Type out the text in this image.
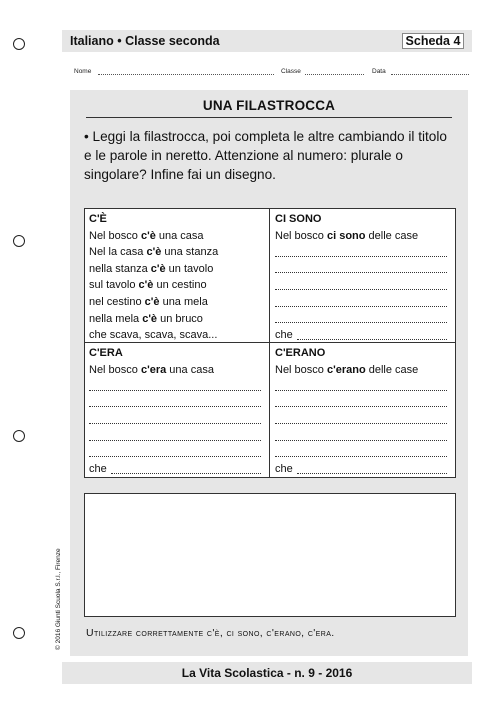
Italiano • Classe seconda	Scheda 4
Nome	Classe	Data
UNA FILASTROCCA
• Leggi la filastrocca, poi completa le altre cambiando il titolo e le parole in neretto. Attenzione al numero: plurale o singolare? Infine fai un disegno.
C'È
Nel bosco c'è una casa
Nel la casa c'è una stanza
nella stanza c'è un tavolo
sul tavolo c'è un cestino
nel cestino c'è una mela
nella mela c'è un bruco
che scava, scava, scava...
CI SONO
Nel bosco ci sono delle case
che
C'ERA
Nel bosco c'era una casa
che
C'ERANO
Nel bosco c'erano delle case
che
Utilizzare correttamente c'è, ci sono, c'erano, c'era.
© 2016 Giunti Scuola S.r.l., Firenze
La Vita Scolastica - n. 9 - 2016
